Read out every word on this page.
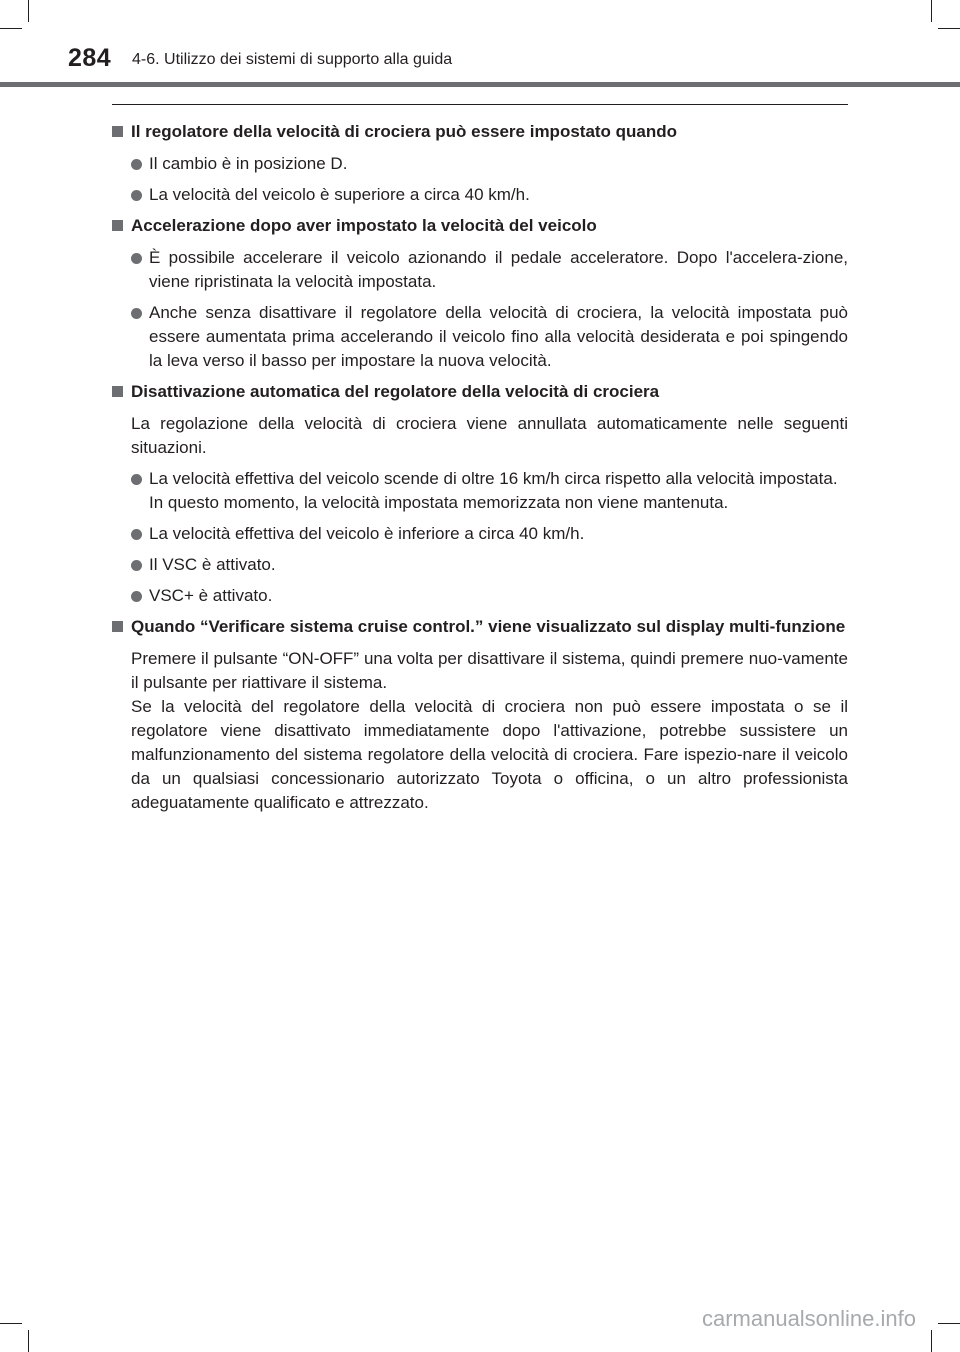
284 4-6. Utilizzo dei sistemi di supporto alla guida
Il regolatore della velocità di crociera può essere impostato quando
Il cambio è in posizione D.
La velocità del veicolo è superiore a circa 40 km/h.
Accelerazione dopo aver impostato la velocità del veicolo
È possibile accelerare il veicolo azionando il pedale acceleratore. Dopo l'accelera-zione, viene ripristinata la velocità impostata.
Anche senza disattivare il regolatore della velocità di crociera, la velocità impostata può essere aumentata prima accelerando il veicolo fino alla velocità desiderata e poi spingendo la leva verso il basso per impostare la nuova velocità.
Disattivazione automatica del regolatore della velocità di crociera
La regolazione della velocità di crociera viene annullata automaticamente nelle seguenti situazioni.
La velocità effettiva del veicolo scende di oltre 16 km/h circa rispetto alla velocità impostata.
In questo momento, la velocità impostata memorizzata non viene mantenuta.
La velocità effettiva del veicolo è inferiore a circa 40 km/h.
Il VSC è attivato.
VSC+ è attivato.
Quando “Verificare sistema cruise control.” viene visualizzato sul display multi-funzione
Premere il pulsante “ON-OFF” una volta per disattivare il sistema, quindi premere nuo-vamente il pulsante per riattivare il sistema.
Se la velocità del regolatore della velocità di crociera non può essere impostata o se il regolatore viene disattivato immediatamente dopo l'attivazione, potrebbe sussistere un malfunzionamento del sistema regolatore della velocità di crociera. Fare ispezio-nare il veicolo da un qualsiasi concessionario autorizzato Toyota o officina, o un altro professionista adeguatamente qualificato e attrezzato.
carmanualsonline.info
